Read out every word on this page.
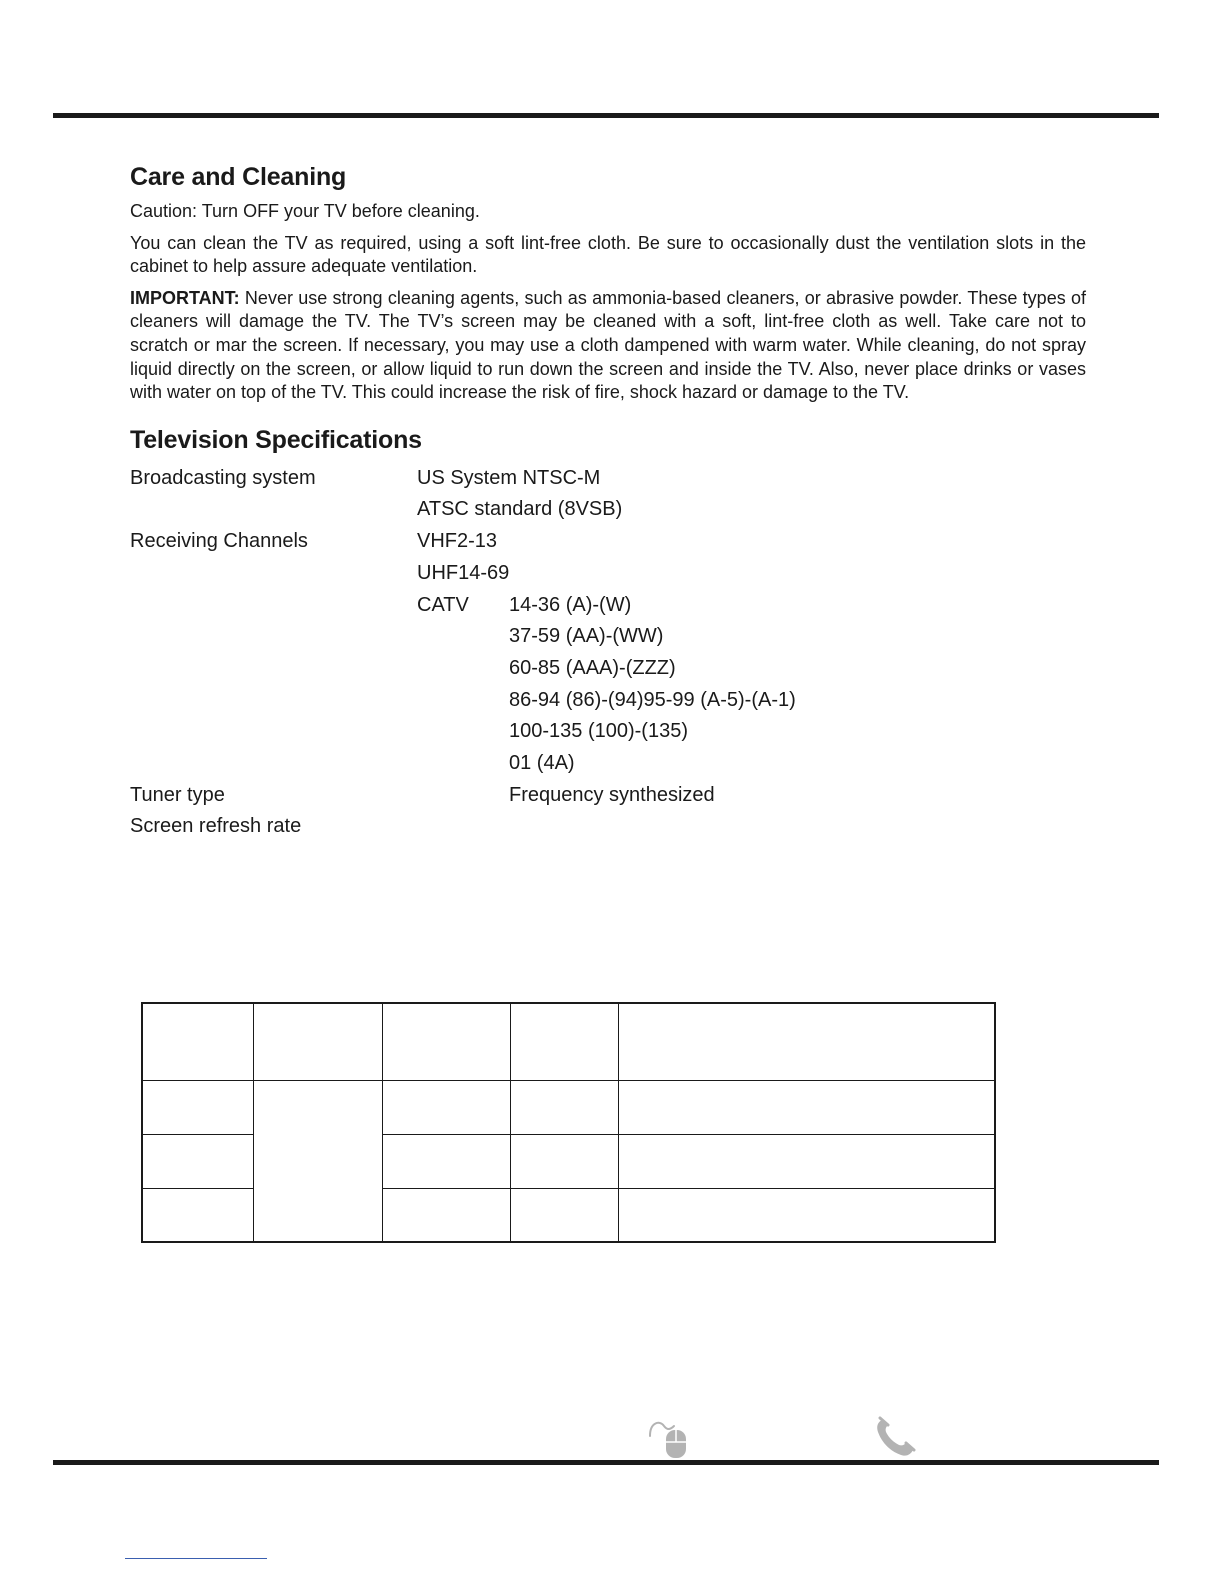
Care and Cleaning

Caution: Turn OFF your TV before cleaning.

You can clean the TV as required, using a soft lint-free cloth. Be sure to occasionally dust the ventilation slots in the cabinet to help assure adequate ventilation.

IMPORTANT: Never use strong cleaning agents, such as ammonia-based cleaners, or abrasive powder. These types of cleaners will damage the TV. The TV’s screen may be cleaned with a soft, lint-free cloth as well. Take care not to scratch or mar the screen. If necessary, you may use a cloth dampened with warm water. While cleaning, do not spray liquid directly on the screen, or allow liquid to run down the screen and inside the TV. Also, never place drinks or vases with water on top of the TV. This could increase the risk of fire, shock hazard or damage to the TV.

Television Specifications
Broadcasting system	US System NTSC-M
ATSC standard (8VSB)
Receiving Channels	VHF2-13
UHF14-69
CATV	14-36 (A)-(W)
37-59 (AA)-(WW)
60-85 (AAA)-(ZZZ)
86-94 (86)-(94)95-99 (A-5)-(A-1)
100-135 (100)-(135)
01 (4A)
Tuner type	Frequency synthesized
Screen refresh rate
